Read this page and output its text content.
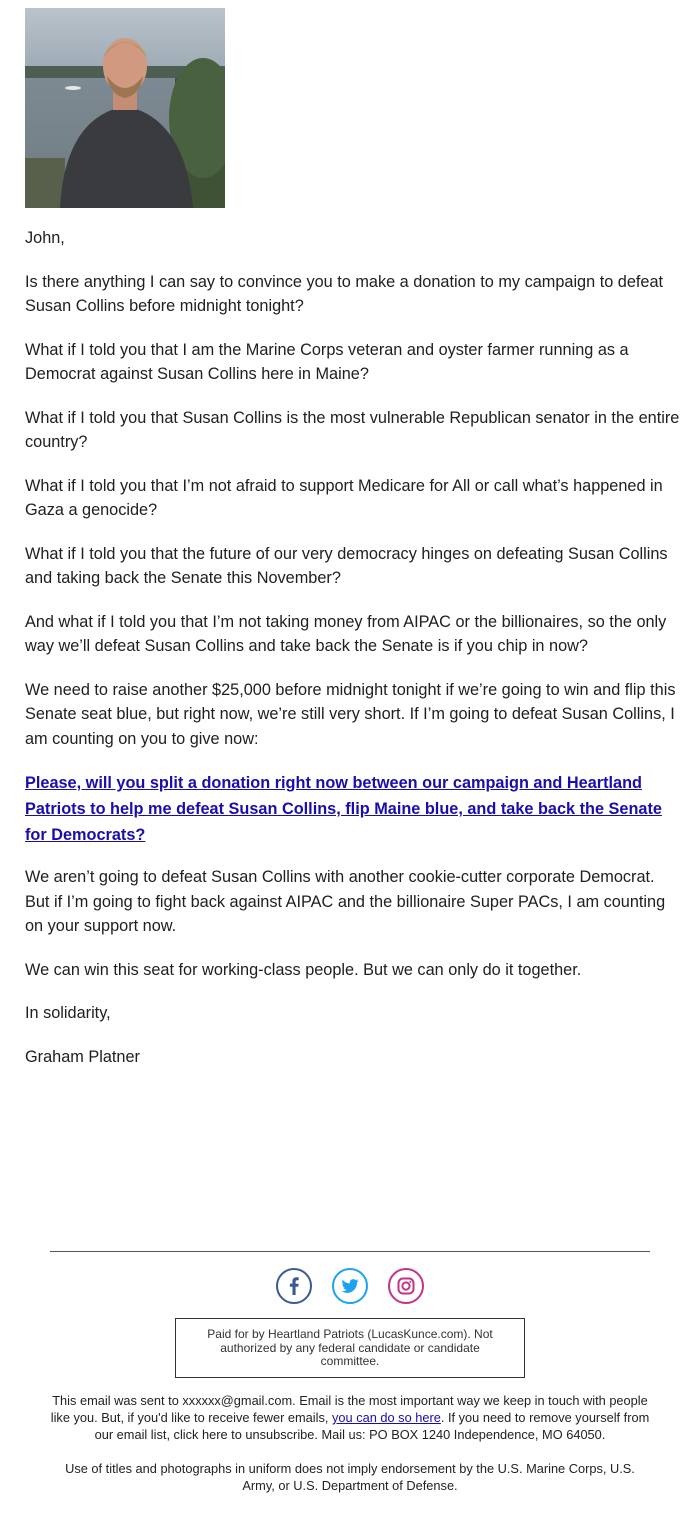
John,

Is there anything I can say to convince you to make a donation to my campaign to defeat Susan Collins before midnight tonight?

What if I told you that I am the Marine Corps veteran and oyster farmer running as a Democrat against Susan Collins here in Maine?

What if I told you that Susan Collins is the most vulnerable Republican senator in the entire country?

What if I told you that I’m not afraid to support Medicare for All or call what’s happened in Gaza a genocide?

What if I told you that the future of our very democracy hinges on defeating Susan Collins and taking back the Senate this November?

And what if I told you that I’m not taking money from AIPAC or the billionaires, so the only way we’ll defeat Susan Collins and take back the Senate is if you chip in now?

We need to raise another $25,000 before midnight tonight if we’re going to win and flip this Senate seat blue, but right now, we’re still very short. If I’m going to defeat Susan Collins, I am counting on you to give now:

Please, will you split a donation right now between our campaign and Heartland Patriots to help me defeat Susan Collins, flip Maine blue, and take back the Senate for Democrats?

We aren’t going to defeat Susan Collins with another cookie-cutter corporate Democrat. But if I’m going to fight back against AIPAC and the billionaire Super PACs, I am counting on your support now.

We can win this seat for working-class people. But we can only do it together.

In solidarity,

Graham Platner

Paid for by Heartland Patriots (LucasKunce.com). Not authorized by any federal candidate or candidate committee.

This email was sent to xxxxxx@gmail.com. Email is the most important way we keep in touch with people like you. But, if you'd like to receive fewer emails, you can do so here. If you need to remove yourself from our email list, click here to unsubscribe. Mail us: PO BOX 1240 Independence, MO 64050.

Use of titles and photographs in uniform does not imply endorsement by the U.S. Marine Corps, U.S. Army, or U.S. Department of Defense.
